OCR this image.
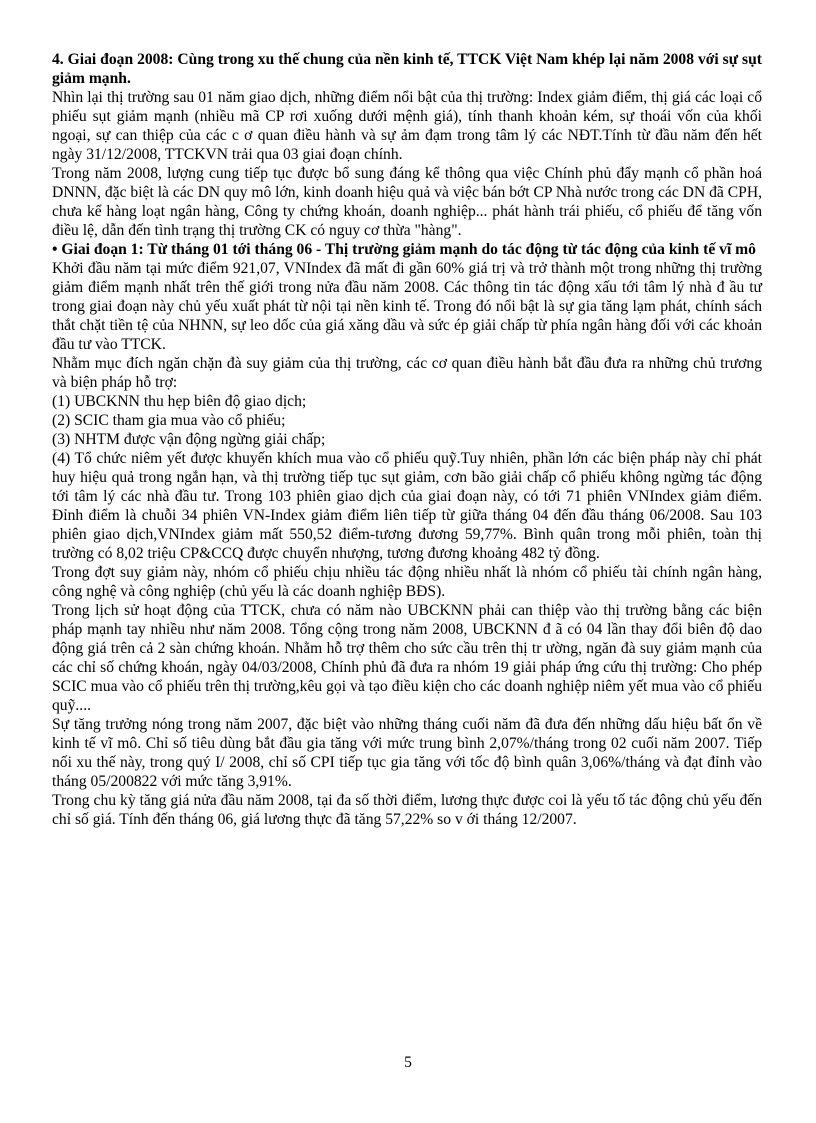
4. Giai đoạn 2008: Cùng trong xu thế chung của nền kinh tế, TTCK Việt Nam khép lại năm 2008 với sự sụt giảm mạnh.

Nhìn lại thị trường sau 01 năm giao dịch, những điểm nổi bật của thị trường: Index giảm điểm, thị giá các loại cổ phiếu sụt giảm mạnh (nhiều mã CP rơi xuống dưới mệnh giá), tính thanh khoản kém, sự thoái vốn của khối ngoại, sự can thiệp của các c ơ quan điều hành và sự ảm đạm trong tâm lý các NĐT.Tính từ đầu năm đến hết ngày 31/12/2008, TTCKVN trải qua 03 giai đoạn chính.

Trong năm 2008, lượng cung tiếp tục được bổ sung đáng kể thông qua việc Chính phủ đẩy mạnh cổ phần hoá DNNN, đặc biệt là các DN quy mô lớn, kinh doanh hiệu quả và việc bán bớt CP Nhà nước trong các DN đã CPH, chưa kể hàng loạt ngân hàng, Công ty chứng khoán, doanh nghiệp... phát hành trái phiếu, cổ phiếu để tăng vốn điều lệ, dẫn đến tình trạng thị trường CK có nguy cơ thừa "hàng".

• Giai đoạn 1: Từ tháng 01 tới tháng 06 - Thị trường giảm mạnh do tác động từ tác động của kinh tế vĩ mô

Khởi đầu năm tại mức điểm 921,07, VNIndex đã mất đi gần 60% giá trị và trở thành một trong những thị trường giảm điểm mạnh nhất trên thế giới trong nửa đầu năm 2008. Các thông tin tác động xấu tới tâm lý nhà đ ầu tư trong giai đoạn này chủ yếu xuất phát từ nội tại nền kinh tế. Trong đó nổi bật là sự gia tăng lạm phát, chính sách thắt chặt tiền tệ của NHNN, sự leo dốc của giá xăng dầu và sức ép giải chấp từ phía ngân hàng đối với các khoản đầu tư vào TTCK.

Nhằm mục đích ngăn chặn đà suy giảm của thị trường, các cơ quan điều hành bắt đầu đưa ra những chủ trương và biện pháp hỗ trợ:

(1) UBCKNN thu hẹp biên độ giao dịch;
(2) SCIC tham gia mua vào cổ phiếu;
(3) NHTM được vận động ngừng giải chấp;

(4) Tổ chức niêm yết được khuyến khích mua vào cổ phiếu quỹ.Tuy nhiên, phần lớn các biện pháp này chỉ phát huy hiệu quả trong ngắn hạn, và thị trường tiếp tục sụt giảm, cơn bão giải chấp cổ phiếu không ngừng tác động tới tâm lý các nhà đầu tư. Trong 103 phiên giao dịch của giai đoạn này, có tới 71 phiên VNIndex giảm điểm. Đỉnh điểm là chuỗi 34 phiên VN-Index giảm điểm liên tiếp từ giữa tháng 04 đến đầu tháng 06/2008. Sau 103 phiên giao dịch,VNIndex giảm mất 550,52 điểm-tương đương 59,77%. Bình quân trong mỗi phiên, toàn thị trường có 8,02 triệu CP&CCQ được chuyển nhượng, tương đương khoảng 482 tỷ đồng.

Trong đợt suy giảm này, nhóm cổ phiếu chịu nhiều tác động nhiều nhất là nhóm cổ phiếu tài chính ngân hàng, công nghệ và công nghiệp (chủ yếu là các doanh nghiệp BĐS).

Trong lịch sử hoạt động của TTCK, chưa có năm nào UBCKNN phải can thiệp vào thị trường bằng các biện pháp mạnh tay nhiều như năm 2008. Tổng cộng trong năm 2008, UBCKNN đ ã có 04 lần thay đổi biên độ dao động giá trên cả 2 sàn chứng khoán. Nhằm hỗ trợ thêm cho sức cầu trên thị tr ường, ngăn đà suy giảm mạnh của các chỉ số chứng khoán, ngày 04/03/2008, Chính phủ đã đưa ra nhóm 19 giải pháp ứng cứu thị trường: Cho phép SCIC mua vào cổ phiếu trên thị trường,kêu gọi và tạo điều kiện cho các doanh nghiệp niêm yết mua vào cổ phiếu quỹ....

Sự tăng trưởng nóng trong năm 2007, đặc biệt vào những tháng cuối năm đã đưa đến những dấu hiệu bất ổn về kinh tế vĩ mô. Chỉ số tiêu dùng bắt đầu gia tăng với mức trung bình 2,07%/tháng trong 02 cuối năm 2007. Tiếp nối xu thế này, trong quý I/ 2008, chỉ số CPI tiếp tục gia tăng với tốc độ bình quân 3,06%/tháng và đạt đỉnh vào tháng 05/200822 với mức tăng 3,91%.

Trong chu kỳ tăng giá nửa đầu năm 2008, tại đa số thời điểm, lương thực được coi là yếu tố tác động chủ yếu đến chỉ số giá. Tính đến tháng 06, giá lương thực đã tăng 57,22% so v ới tháng 12/2007.

5
